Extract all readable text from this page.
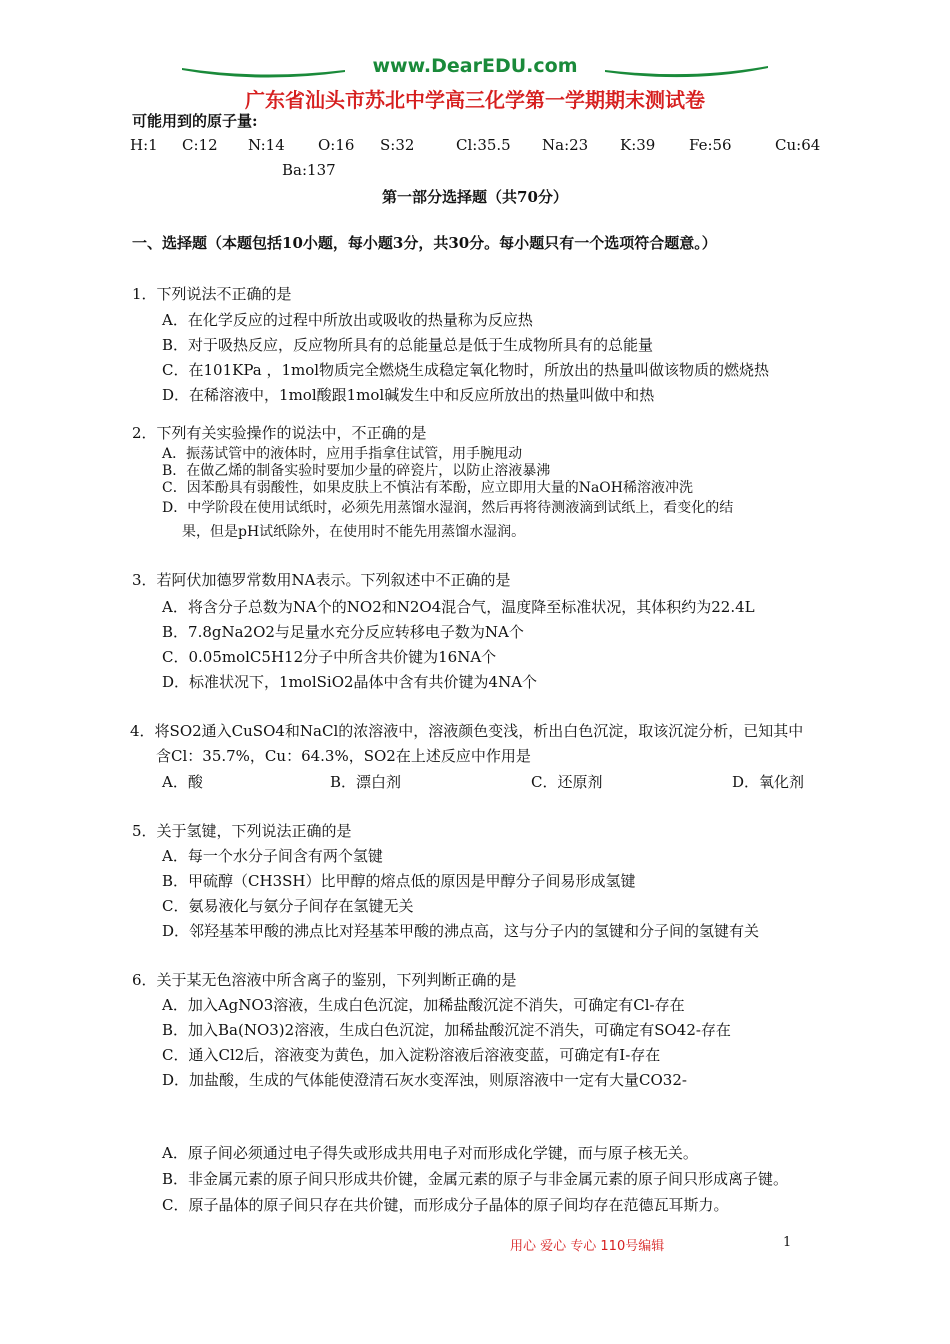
www.DearEDU.com
广东省汕头市苏北中学高三化学第一学期期末测试卷
可能用到的原子量:
H:1 C:12 N:14 O:16 S:32	Cl:35.5 Na:23 K:39 Fe:56	Cu:64
Ba:137
第一部分选择题（共70分）
一、选择题（本题包括10小题，每小题3分，共30分。每小题只有一个选项符合题意。）
1．下列说法不正确的是
A．在化学反应的过程中所放出或吸收的热量称为反应热
B．对于吸热反应，反应物所具有的总能量总是低于生成物所具有的总能量
C．在101KPa ，1mol物质完全燃烧生成稳定氧化物时，所放出的热量叫做该物质的燃烧热
D．在稀溶液中，1mol酸跟1mol碱发生中和反应所放出的热量叫做中和热
2．下列有关实验操作的说法中，不正确的是
A．振荡试管中的液体时，应用手指拿住试管，用手腕甩动
B．在做乙烯的制备实验时要加少量的碎瓷片，以防止溶液暴沸
C．因苯酚具有弱酸性，如果皮肤上不慎沾有苯酚，应立即用大量的NaOH稀溶液冲洗
D．中学阶段在使用试纸时，必须先用蒸馏水湿润，然后再将待测液滴到试纸上，看变化的结
果，但是pH试纸除外，在使用时不能先用蒸馏水湿润。
3．若阿伏加德罗常数用NA表示。下列叙述中不正确的是
A．将含分子总数为NA个的NO2和N2O4混合气，温度降至标准状况，其体积约为22.4L
B．7.8gNa2O2与足量水充分反应转移电子数为NA个
C．0.05molC5H12分子中所含共价键为16NA个
D．标准状况下，1molSiO2晶体中含有共价键为4NA个
4．将SO2通入CuSO4和NaCl的浓溶液中，溶液颜色变浅，析出白色沉淀，取该沉淀分析，已知其中
含Cl：35.7%，Cu：64.3%，SO2在上述反应中作用是
A．酸	B．漂白剂	C．还原剂	D．氧化剂
5．关于氢键，下列说法正确的是
A．每一个水分子间含有两个氢键
B．甲硫醇（CH3SH）比甲醇的熔点低的原因是甲醇分子间易形成氢键
C．氨易液化与氨分子间存在氢键无关
D．邻羟基苯甲酸的沸点比对羟基苯甲酸的沸点高，这与分子内的氢键和分子间的氢键有关
6．关于某无色溶液中所含离子的鉴别，下列判断正确的是
A．加入AgNO3溶液，生成白色沉淀，加稀盐酸沉淀不消失，可确定有Cl-存在
B．加入Ba(NO3)2溶液，生成白色沉淀，加稀盐酸沉淀不消失，可确定有SO42-存在
C．通入Cl2后，溶液变为黄色，加入淀粉溶液后溶液变蓝，可确定有I-存在
D．加盐酸，生成的气体能使澄清石灰水变浑浊，则原溶液中一定有大量CO32-
A．原子间必须通过电子得失或形成共用电子对而形成化学键，而与原子核无关。
B．非金属元素的原子间只形成共价键，金属元素的原子与非金属元素的原子间只形成离子键。
C．原子晶体的原子间只存在共价键，而形成分子晶体的原子间均存在范德瓦耳斯力。
用心 爱心 专心 110号编辑	1
